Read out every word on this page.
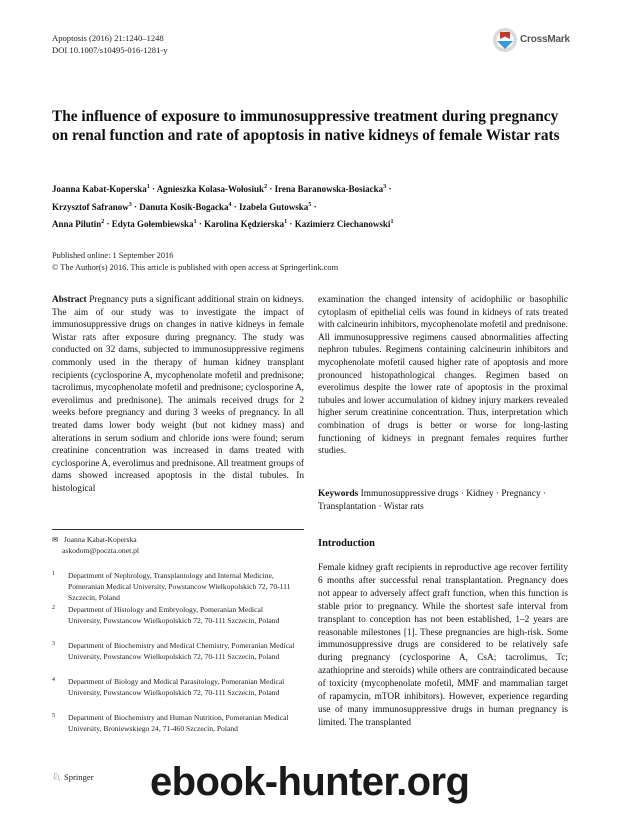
Apoptosis (2016) 21:1240–1248
DOI 10.1007/s10495-016-1281-y
CrossMark
The influence of exposure to immunosuppressive treatment during pregnancy on renal function and rate of apoptosis in native kidneys of female Wistar rats
Joanna Kabat-Koperska$^1$ · Agnieszka Kolasa-Wołosiuk$^2$ · Irena Baranowska-Bosiacka$^3$ ·
Krzysztof Safranow$^3$ · Danuta Kosik-Bogacka$^4$ · Izabela Gutowska$^5$ ·
Anna Pilutin$^2$ · Edyta Gołembiewska$^1$ · Karolina Kędzierska$^1$ · Kazimierz Ciechanowski$^1$
Published online: 1 September 2016
© The Author(s) 2016. This article is published with open access at Springerlink.com
Abstract Pregnancy puts a significant additional strain on kidneys. The aim of our study was to investigate the impact of immunosuppressive drugs on changes in native kidneys in female Wistar rats after exposure during pregnancy. The study was conducted on 32 dams, subjected to immunosuppressive regimens commonly used in the therapy of human kidney transplant recipients (cyclosporine A, mycophenolate mofetil and prednisone; tacrolimus, mycophenolate mofetil and prednisone; cyclosporine A, everolimus and prednisone). The animals received drugs for 2 weeks before pregnancy and during 3 weeks of pregnancy. In all treated dams lower body weight (but not kidney mass) and alterations in serum sodium and chloride ions were found; serum creatinine concentration was increased in dams treated with cyclosporine A, everolimus and prednisone. All treatment groups of dams showed increased apoptosis in the distal tubules. In histological
examination the changed intensity of acidophilic or basophilic cytoplasm of epithelial cells was found in kidneys of rats treated with calcineurin inhibitors, mycophenolate mofetil and prednisone. All immunosuppressive regimens caused abnormalities affecting nephron tubules. Regimens containing calcineurin inhibitors and mycophenolate mofetil caused higher rate of apoptosis and more pronounced histopathological changes. Regimen based on everolimus despite the lower rate of apoptosis in the proximal tubules and lower accumulation of kidney injury markers revealed higher serum creatinine concentration. Thus, interpretation which combination of drugs is better or worse for long-lasting functioning of kidneys in pregnant females requires further studies.
Keywords Immunosuppressive drugs · Kidney · Pregnancy · Transplantation · Wistar rats
✉ Joanna Kabat-Koperska
askodom@poczta.onet.pl
1 Department of Nephrology, Transplantology and Internal Medicine, Pomeranian Medical University, Powstancow Wielkopolskich 72, 70-111 Szczecin, Poland
2 Department of Histology and Embryology, Pomeranian Medical University, Powstancow Wielkopolskich 72, 70-111 Szczecin, Poland
3 Department of Biochemistry and Medical Chemistry, Pomeranian Medical University, Powstancow Wielkopolskich 72, 70-111 Szczecin, Poland
4 Department of Biology and Medical Parasitology, Pomeranian Medical University, Powstancow Wielkopolskich 72, 70-111 Szczecin, Poland
5 Department of Biochemistry and Human Nutrition, Pomeranian Medical University, Broniewskiego 24, 71-460 Szczecin, Poland
Introduction
Female kidney graft recipients in reproductive age recover fertility 6 months after successful renal transplantation. Pregnancy does not appear to adversely affect graft function, when this function is stable prior to pregnancy. While the shortest safe interval from transplant to conception has not been established, 1–2 years are reasonable milestones [1]. These pregnancies are high-risk. Some immunosuppressive drugs are considered to be relatively safe during pregnancy (cyclosporine A, CsA; tacrolimus, Tc; azathioprine and steroids) while others are contraindicated because of toxicity (mycophenolate mofetil, MMF and mammalian target of rapamycin, mTOR inhibitors). However, experience regarding use of many immunosuppressive drugs in human pregnancy is limited. The transplanted
♘ Springer ebook-hunter.org
